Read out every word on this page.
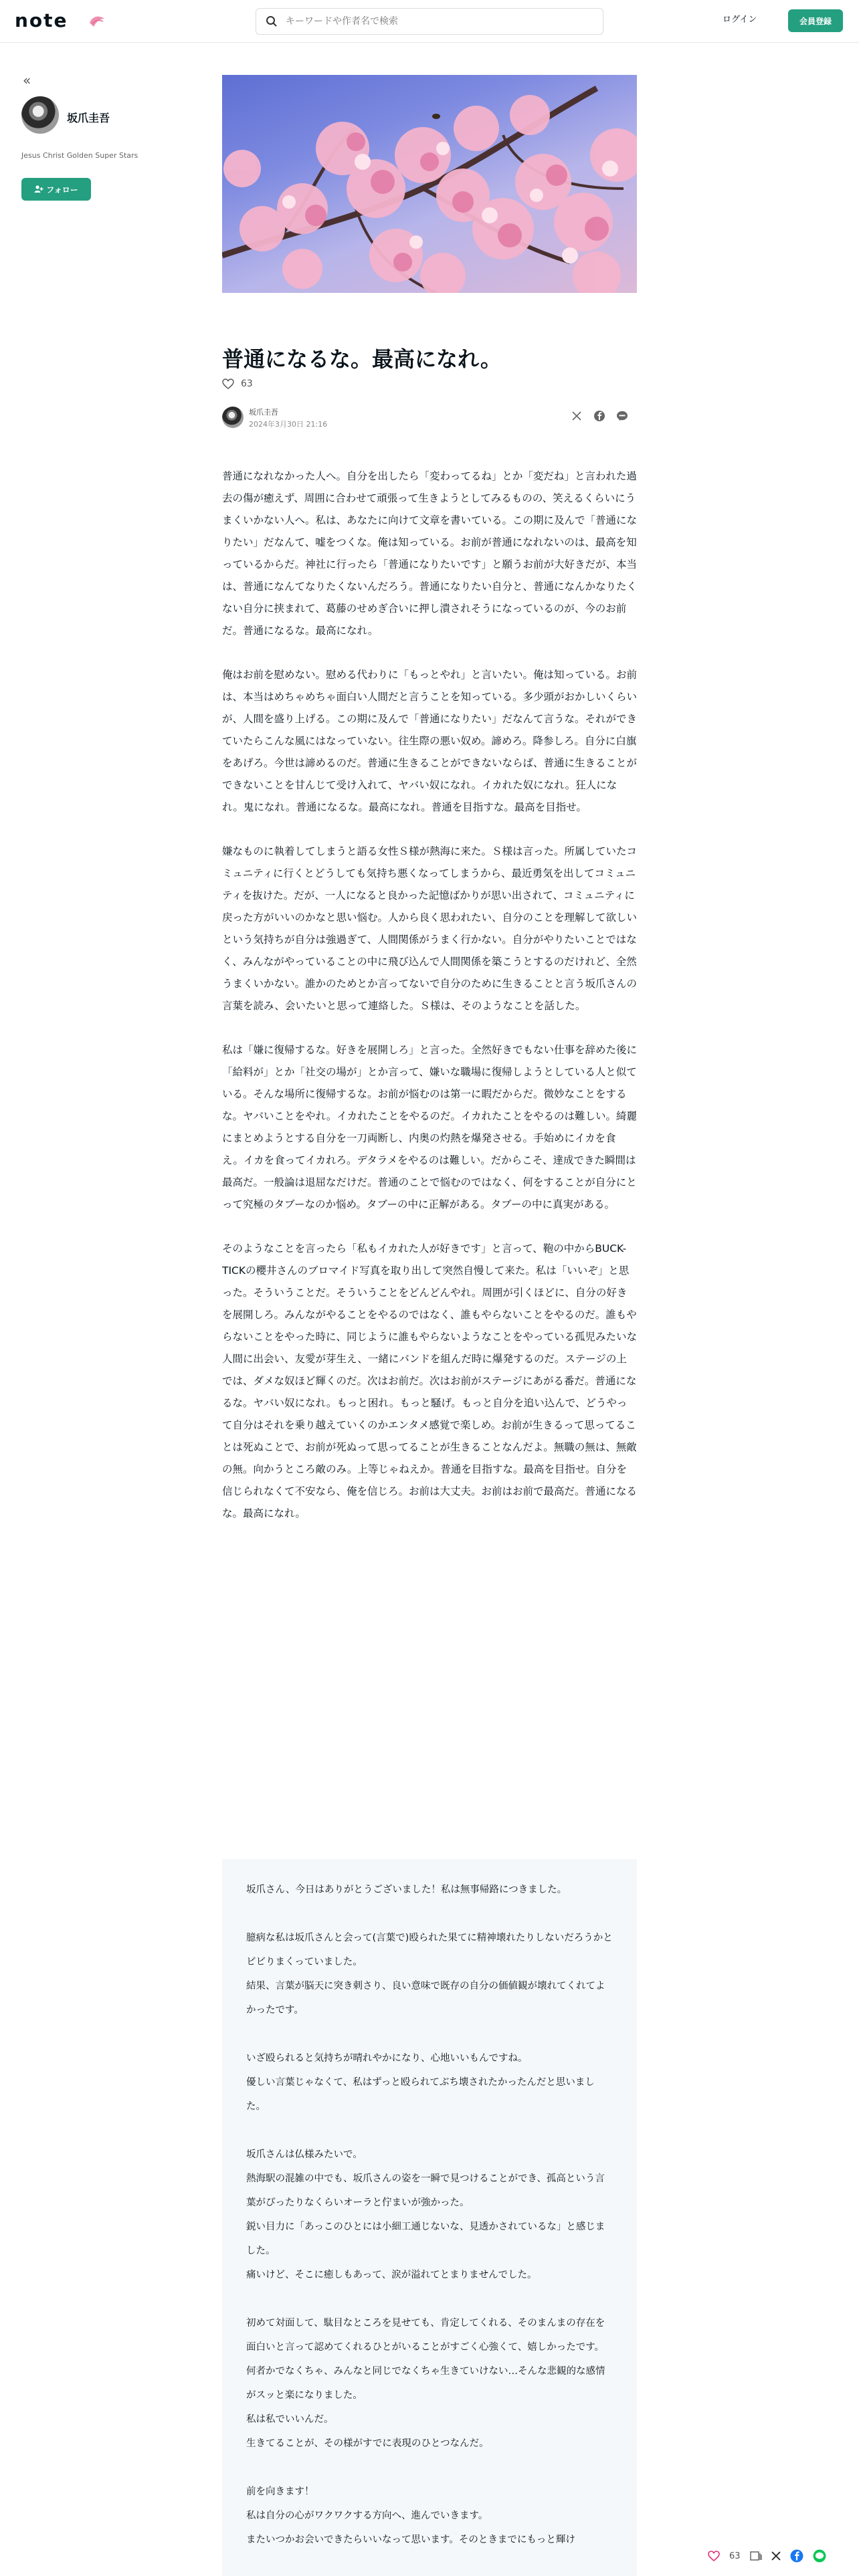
note
キーワードや作者名で検索	ログイン	会員登録
«
坂爪圭吾
Jesus Christ Golden Super Stars
フォロー
普通になるな。最高になれ。
63
坂爪圭吾
2024年3月30日 21:16

普通になれなかった人へ。自分を出したら「変わってるね」とか「変だね」と言われた過去の傷が癒えず、周囲に合わせて頑張って生きようとしてみるものの、笑えるくらいにうまくいかない人へ。私は、あなたに向けて文章を書いている。この期に及んで「普通になりたい」だなんて、嘘をつくな。俺は知っている。お前が普通になれないのは、最高を知っているからだ。神社に行ったら「普通になりたいです」と願うお前が大好きだが、本当は、普通になんてなりたくないんだろう。普通になりたい自分と、普通になんかなりたくない自分に挟まれて、葛藤のせめぎ合いに押し潰されそうになっているのが、今のお前だ。普通になるな。最高になれ。

俺はお前を慰めない。慰める代わりに「もっとやれ」と言いたい。俺は知っている。お前は、本当はめちゃめちゃ面白い人間だと言うことを知っている。多少頭がおかしいくらいが、人間を盛り上げる。この期に及んで「普通になりたい」だなんて言うな。それができていたらこんな風にはなっていない。往生際の悪い奴め。諦めろ。降参しろ。自分に白旗をあげろ。今世は諦めるのだ。普通に生きることができないならば、普通に生きることができないことを甘んじて受け入れて、ヤバい奴になれ。イカれた奴になれ。狂人になれ。鬼になれ。普通になるな。最高になれ。普通を目指すな。最高を目指せ。

嫌なものに執着してしまうと語る女性Ｓ様が熱海に来た。Ｓ様は言った。所属していたコミュニティに行くとどうしても気持ち悪くなってしまうから、最近勇気を出してコミュニティを抜けた。だが、一人になると良かった記憶ばかりが思い出されて、コミュニティに戻った方がいいのかなと思い悩む。人から良く思われたい、自分のことを理解して欲しいという気持ちが自分は強過ぎて、人間関係がうまく行かない。自分がやりたいことではなく、みんながやっていることの中に飛び込んで人間関係を築こうとするのだけれど、全然うまくいかない。誰かのためとか言ってないで自分のために生きることと言う坂爪さんの言葉を読み、会いたいと思って連絡した。Ｓ様は、そのようなことを話した。

私は「嫌に復帰するな。好きを展開しろ」と言った。全然好きでもない仕事を辞めた後に「給料が」とか「社交の場が」とか言って、嫌いな職場に復帰しようとしている人と似ている。そんな場所に復帰するな。お前が悩むのは第一に暇だからだ。微妙なことをするな。ヤバいことをやれ。イカれたことをやるのだ。イカれたことをやるのは難しい。綺麗にまとめようとする自分を一刀両断し、内奥の灼熱を爆発させる。手始めにイカを食え。イカを食ってイカれろ。デタラメをやるのは難しい。だからこそ、達成できた瞬間は最高だ。一般論は退屈なだけだ。普通のことで悩むのではなく、何をすることが自分にとって究極のタブーなのか悩め。タブーの中に正解がある。タブーの中に真実がある。

そのようなことを言ったら「私もイカれた人が好きです」と言って、鞄の中からBUCK-TICKの櫻井さんのブロマイド写真を取り出して突然自慢して来た。私は「いいぞ」と思った。そういうことだ。そういうことをどんどんやれ。周囲が引くほどに、自分の好きを展開しろ。みんながやることをやるのではなく、誰もやらないことをやるのだ。誰もやらないことをやった時に、同じように誰もやらないようなことをやっている孤児みたいな人間に出会い、友愛が芽生え、一緒にバンドを組んだ時に爆発するのだ。ステージの上では、ダメな奴ほど輝くのだ。次はお前だ。次はお前がステージにあがる番だ。普通になるな。ヤバい奴になれ。もっと困れ。もっと騒げ。もっと自分を追い込んで、どうやって自分はそれを乗り越えていくのかエンタメ感覚で楽しめ。お前が生きるって思ってることは死ぬことで、お前が死ぬって思ってることが生きることなんだよ。無職の無は、無敵の無。向かうところ敵のみ。上等じゃねえか。普通を目指すな。最高を目指せ。自分を信じられなくて不安なら、俺を信じろ。お前は大丈夫。お前はお前で最高だ。普通になるな。最高になれ。

坂爪さん、今日はありがとうございました！私は無事帰路につきました。
臆病な私は坂爪さんと会って(言葉で)殴られた果てに精神壊れたりしないだろうかとビビりまくっていました。
結果、言葉が脳天に突き刺さり、良い意味で既存の自分の価値観が壊れてくれてよかったです。
いざ殴られると気持ちが晴れやかになり、心地いいもんですね。
優しい言葉じゃなくて、私はずっと殴られてぶち壊されたかったんだと思いました。
坂爪さんは仏様みたいで。
熱海駅の混雑の中でも、坂爪さんの姿を一瞬で見つけることができ、孤高という言葉がぴったりなくらいオーラと佇まいが強かった。
鋭い目力に「あっこのひとには小細工通じないな、見透かされているな」と感じました。
痛いけど、そこに癒しもあって、涙が溢れてとまりませんでした。
初めて対面して、駄目なところを見せても、肯定してくれる、そのまんまの存在を面白いと言って認めてくれるひとがいることがすごく心強くて、嬉しかったです。
何者かでなくちゃ、みんなと同じでなくちゃ生きていけない…そんな悲観的な感情がスッと楽になりました。
私は私でいいんだ。
生きてることが、その様がすでに表現のひとつなんだ。
前を向きます！
私は自分の心がワクワクする方向へ、進んでいきます。
またいつかお会いできたらいいなって思います。そのときまでにもっと輝け
63
